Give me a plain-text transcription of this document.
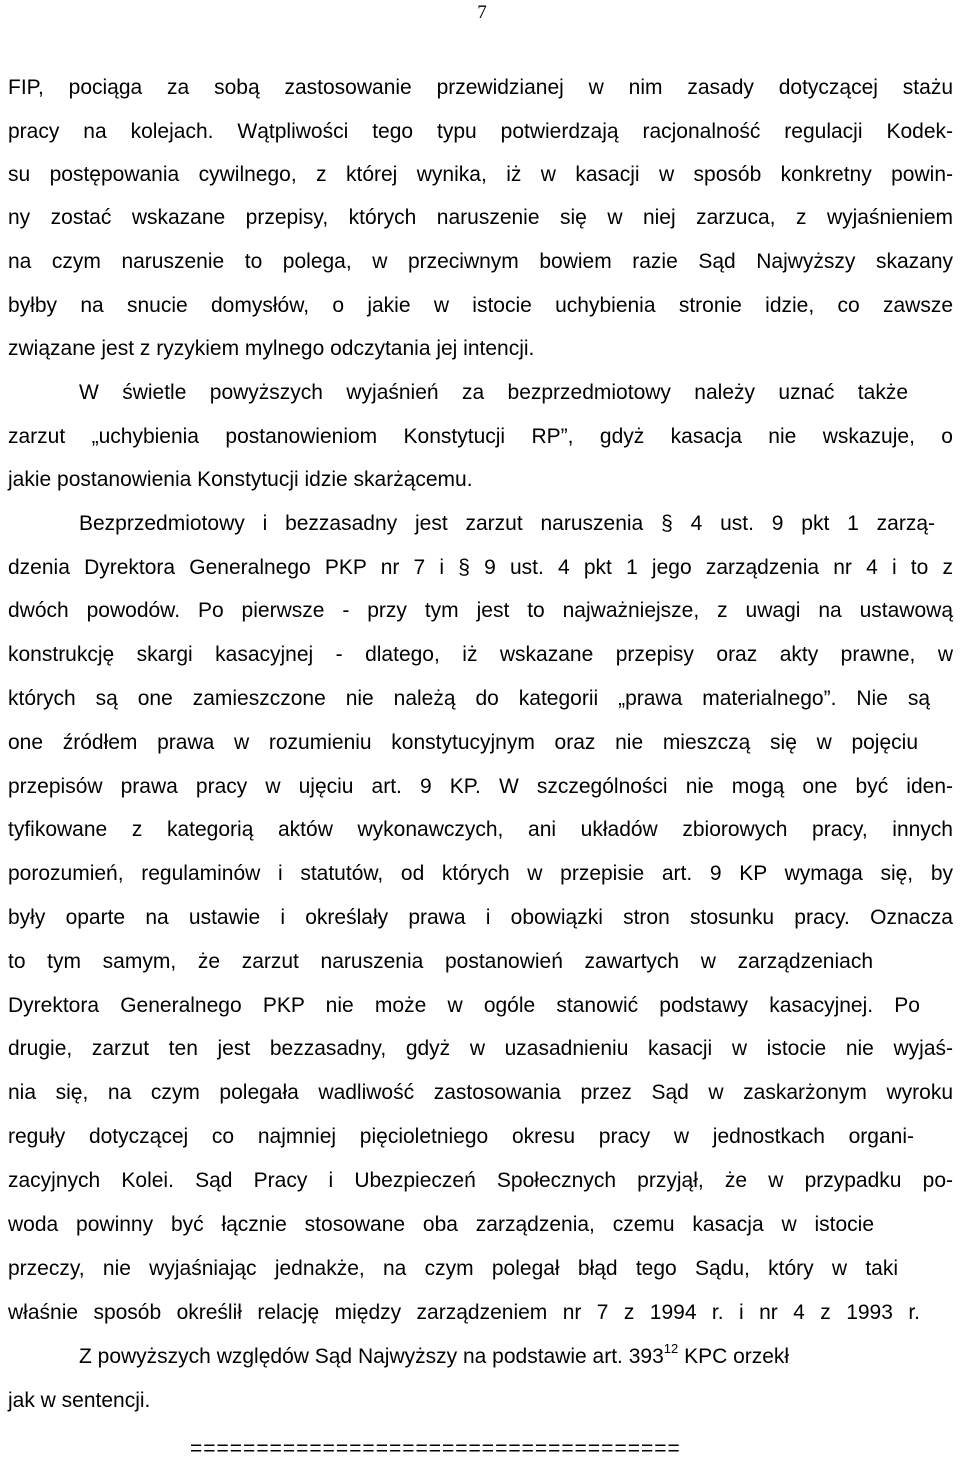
7
FIP, pociąga za sobą zastosowanie przewidzianej w nim zasady dotyczącej stażu
pracy na kolejach. Wątpliwości tego typu potwierdzają racjonalność regulacji Kodek-
su postępowania cywilnego, z której wynika, iż w kasacji w sposób konkretny powin-
ny zostać wskazane przepisy, których naruszenie się w niej zarzuca, z wyjaśnieniem
na czym naruszenie to polega, w przeciwnym bowiem razie Sąd Najwyższy skazany
byłby na snucie domysłów, o jakie w istocie uchybienia stronie idzie, co zawsze
związane jest z ryzykiem mylnego odczytania jej intencji.
W świetle powyższych wyjaśnień za bezprzedmiotowy należy uznać także
zarzut „uchybienia postanowieniom Konstytucji RP”, gdyż kasacja nie wskazuje, o
jakie postanowienia Konstytucji idzie skarżącemu.
Bezprzedmiotowy i bezzasadny jest zarzut naruszenia § 4 ust. 9 pkt 1 zarzą-
dzenia Dyrektora Generalnego PKP nr 7 i § 9 ust. 4 pkt 1 jego zarządzenia nr 4 i to z
dwóch powodów. Po pierwsze - przy tym jest to najważniejsze, z uwagi na ustawową
konstrukcję skargi kasacyjnej - dlatego, iż wskazane przepisy oraz akty prawne, w
których są one zamieszczone nie należą do kategorii „prawa materialnego”. Nie są
one źródłem prawa w rozumieniu konstytucyjnym oraz nie mieszczą się w pojęciu
przepisów prawa pracy w ujęciu art. 9 KP. W szczególności nie mogą one być iden-
tyfikowane z kategorią aktów wykonawczych, ani układów zbiorowych pracy, innych
porozumień, regulaminów i statutów, od których w przepisie art. 9 KP wymaga się, by
były oparte na ustawie i określały prawa i obowiązki stron stosunku pracy. Oznacza
to tym samym, że zarzut naruszenia postanowień zawartych w zarządzeniach
Dyrektora Generalnego PKP nie może w ogóle stanowić podstawy kasacyjnej. Po
drugie, zarzut ten jest bezzasadny, gdyż w uzasadnieniu kasacji w istocie nie wyjaś-
nia się, na czym polegała wadliwość zastosowania przez Sąd w zaskarżonym wyroku
reguły dotyczącej co najmniej pięcioletniego okresu pracy w jednostkach organi-
zacyjnych Kolei. Sąd Pracy i Ubezpieczeń Społecznych przyjął, że w przypadku po-
woda powinny być łącznie stosowane oba zarządzenia, czemu kasacja w istocie
przeczy, nie wyjaśniając jednakże, na czym polegał błąd tego Sądu, który w taki
właśnie sposób określił relację między zarządzeniem nr 7 z 1994 r. i nr 4 z 1993 r.
Z powyższych względów Sąd Najwyższy na podstawie art. $393^{12}$ KPC orzekł
jak w sentencji.
=====================================
